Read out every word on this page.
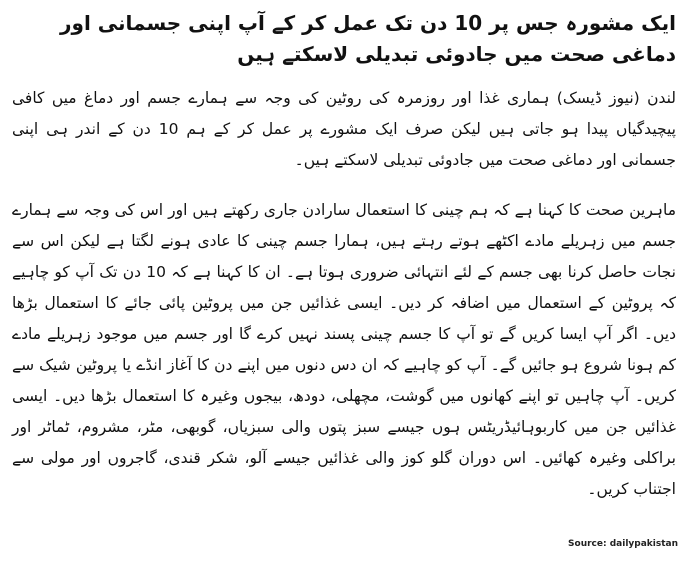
ایک مشورہ جس پر 10 دن تک عمل کر کے آپ اپنی جسمانی اور دماغی صحت میں جادوئی تبدیلی لاسکتے ہیں

لندن (نیوز ڈیسک) ہماری غذا اور روزمرہ کی روٹین کی وجہ سے ہمارے جسم اور دماغ میں کافی پیچیدگیاں پیدا ہو جاتی ہیں لیکن صرف ایک مشورے پر عمل کر کے ہم 10 دن کے اندر ہی اپنی جسمانی اور دماغی صحت میں جادوئی تبدیلی لاسکتے ہیں۔

ماہرین صحت کا کہنا ہے کہ ہم چینی کا استعمال سارادن جاری رکھتے ہیں اور اس کی وجہ سے ہمارے جسم میں زہریلے مادے اکٹھے ہوتے رہتے ہیں، ہمارا جسم چینی کا عادی ہونے لگتا ہے لیکن اس سے نجات حاصل کرنا بھی جسم کے لئے انتہائی ضروری ہوتا ہے۔ ان کا کہنا ہے کہ 10 دن تک آپ کو چاہیے کہ پروٹین کے استعمال میں اضافہ کر دیں۔ ایسی غذائیں جن میں پروٹین پائی جائے کا استعمال بڑھا دیں۔ اگر آپ ایسا کریں گے تو آپ کا جسم چینی پسند نہیں کرے گا اور جسم میں موجود زہریلے مادے کم ہونا شروع ہو جائیں گے۔ آپ کو چاہیے کہ ان دس دنوں میں اپنے دن کا آغاز انڈے یا پروٹین شیک سے کریں۔ آپ چاہیں تو اپنے کھانوں میں گوشت، مچھلی، دودھ، بیجوں وغیرہ کا استعمال بڑھا دیں۔ ایسی غذائیں جن میں کاربوہائیڈریٹس ہوں جیسے سبز پتوں والی سبزیاں، گوبھی، مٹر، مشروم، ٹماٹر اور براکلی وغیرہ کھائیں۔ اس دوران گلو کوز والی غذائیں جیسے آلو، شکر قندی، گاجروں اور مولی سے اجتناب کریں۔

Source: dailypakistan
